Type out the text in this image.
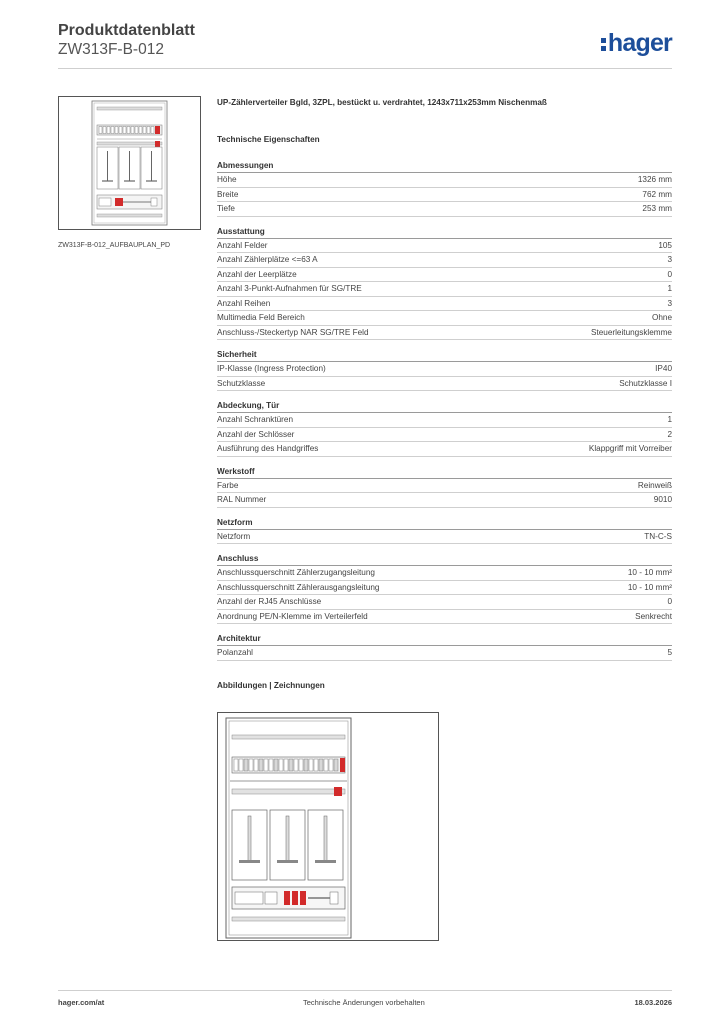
Produktdatenblatt
ZW313F-B-012	hager
ZW313F-B-012_AUFBAUPLAN_PD
UP-Zählerverteiler Bgld, 3ZPL, bestückt u. verdrahtet, 1243x711x253mm Nischenmaß
Technische Eigenschaften
Abmessungen
Höhe	1326 mm
Breite	762 mm
Tiefe	253 mm
Ausstattung
Anzahl Felder	105
Anzahl Zählerplätze <=63 A	3
Anzahl der Leerplätze	0
Anzahl 3-Punkt-Aufnahmen für SG/TRE	1
Anzahl Reihen	3
Multimedia Feld Bereich	Ohne
Anschluss-/Steckertyp NAR SG/TRE Feld	Steuerleitungsklemme
Sicherheit
IP-Klasse (Ingress Protection)	IP40
Schutzklasse	Schutzklasse I
Abdeckung, Tür
Anzahl Schranktüren	1
Anzahl der Schlösser	2
Ausführung des Handgriffes	Klappgriff mit Vorreiber
Werkstoff
Farbe	Reinweiß
RAL Nummer	9010
Netzform
Netzform	TN-C-S
Anschluss
Anschlussquerschnitt Zählerzugangsleitung	10 - 10 mm²
Anschlussquerschnitt Zählerausgangsleitung	10 - 10 mm²
Anzahl der RJ45 Anschlüsse	0
Anordnung PE/N-Klemme im Verteilerfeld	Senkrecht
Architektur
Polanzahl	5
Abbildungen | Zeichnungen
hager.com/at	Technische Änderungen vorbehalten	18.03.2026
